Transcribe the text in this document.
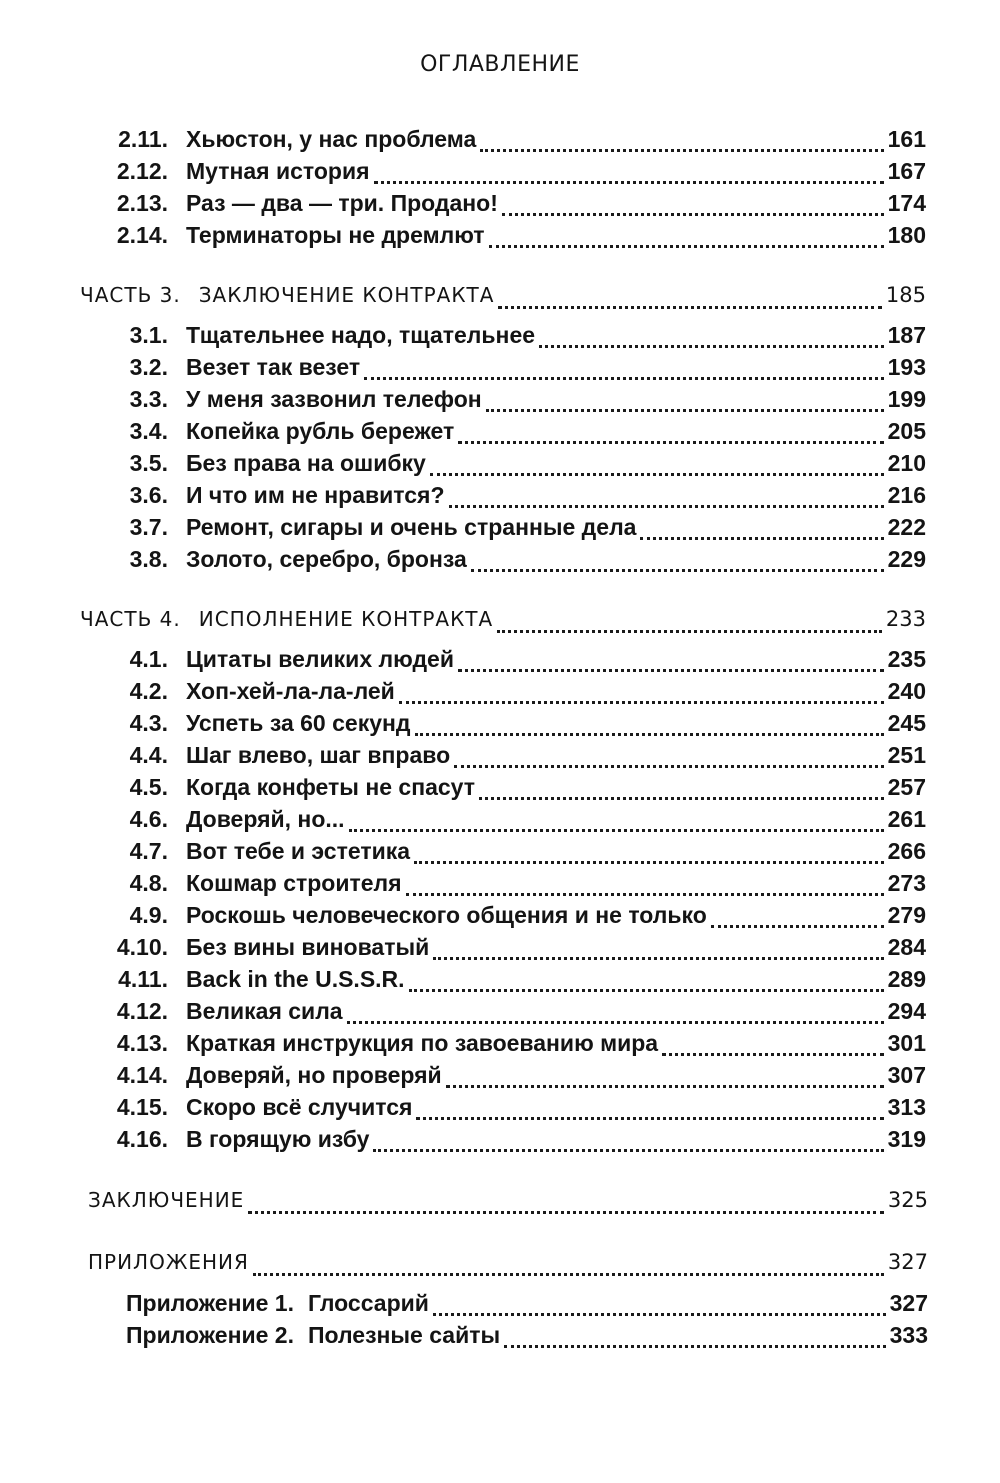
ОГЛАВЛЕНИЕ
2.11. Хьюстон, у нас проблема	161
2.12. Мутная история	167
2.13. Раз — два — три. Продано!	174
2.14. Терминаторы не дремлют	180
ЧАСТЬ 3. ЗАКЛЮЧЕНИЕ КОНТРАКТА	185
3.1. Тщательнее надо, тщательнее	187
3.2. Везет так везет	193
3.3. У меня зазвонил телефон	199
3.4. Копейка рубль бережет	205
3.5. Без права на ошибку	210
3.6. И что им не нравится?	216
3.7. Ремонт, сигары и очень странные дела	222
3.8. Золото, серебро, бронза	229
ЧАСТЬ 4. ИСПОЛНЕНИЕ КОНТРАКТА	233
4.1. Цитаты великих людей	235
4.2. Хоп-хей-ла-ла-лей	240
4.3. Успеть за 60 секунд	245
4.4. Шаг влево, шаг вправо	251
4.5. Когда конфеты не спасут	257
4.6. Доверяй, но...	261
4.7. Вот тебе и эстетика	266
4.8. Кошмар строителя	273
4.9. Роскошь человеческого общения и не только	279
4.10. Без вины виноватый	284
4.11. Back in the U.S.S.R.	289
4.12. Великая сила	294
4.13. Краткая инструкция по завоеванию мира	301
4.14. Доверяй, но проверяй	307
4.15. Скоро всё случится	313
4.16. В горящую избу	319
ЗАКЛЮЧЕНИЕ	325
ПРИЛОЖЕНИЯ	327
Приложение 1. Глоссарий	327
Приложение 2. Полезные сайты	333
